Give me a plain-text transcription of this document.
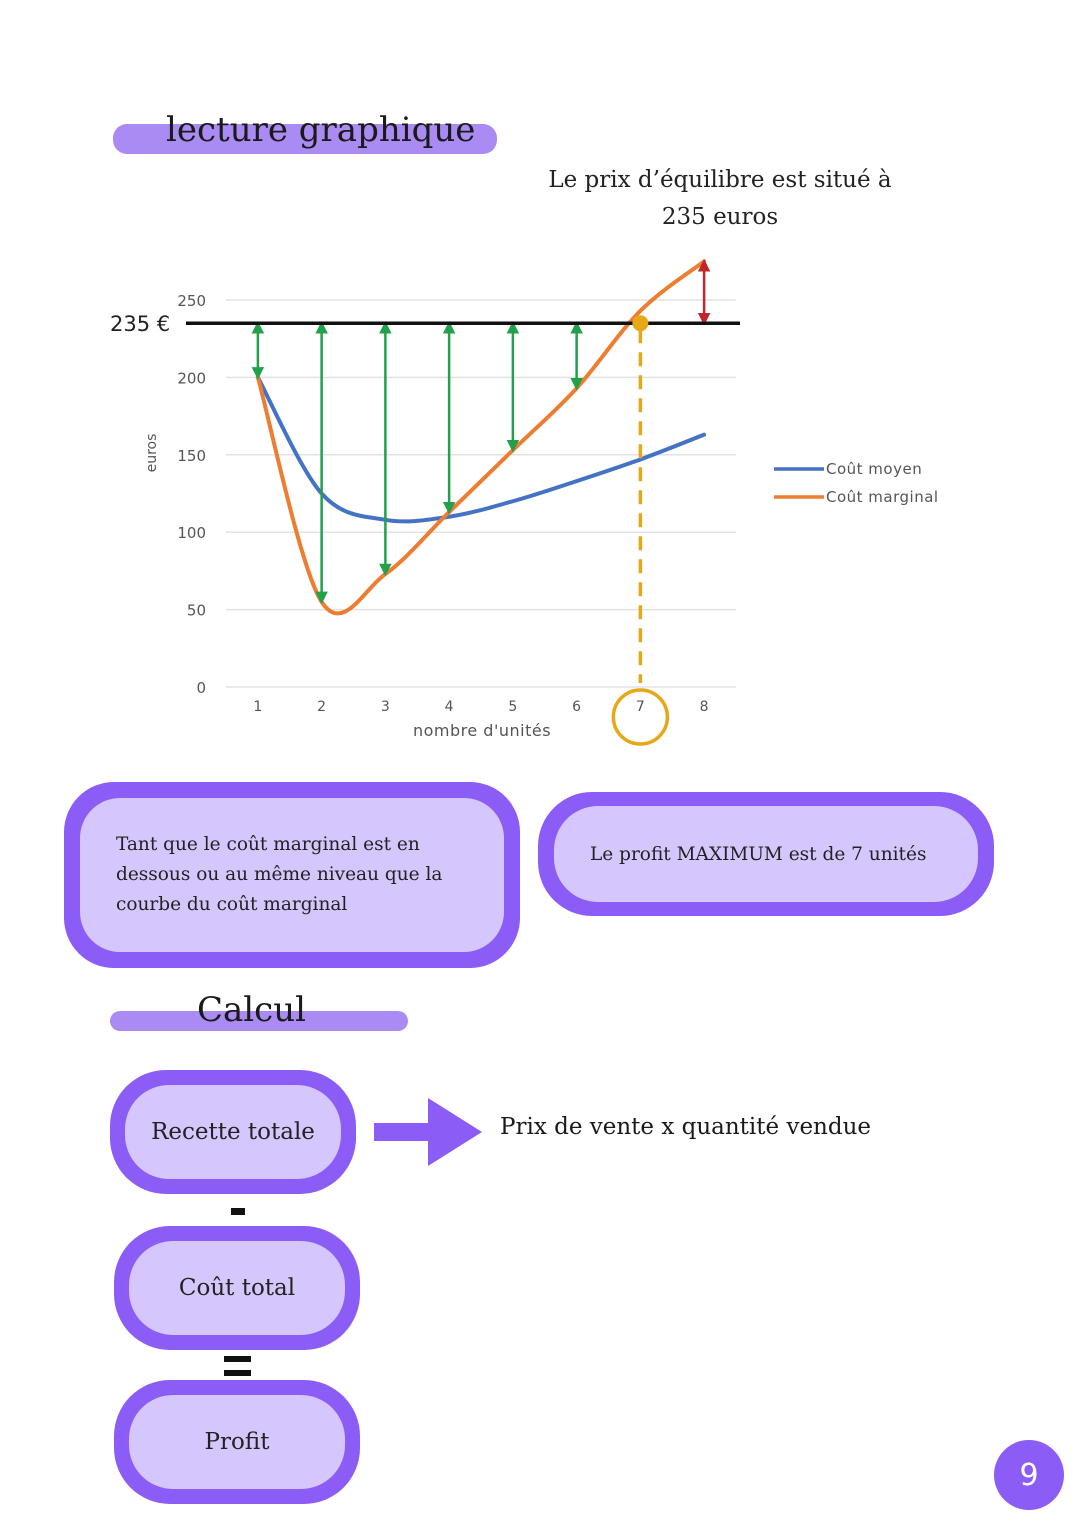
lecture graphique
Le prix d’équilibre est situé à
235 euros
0
50
100
150
200
250
1	2	3	4	5	6	7	8
nombre d'unités
euros
235 €
Coût moyen
Coût marginal
Tant que le coût marginal est en dessous ou au même niveau que la courbe du coût marginal
Le profit MAXIMUM est de 7 unités
Calcul
Recette totale
Coût total
Profit
Prix de vente x quantité vendue
9
